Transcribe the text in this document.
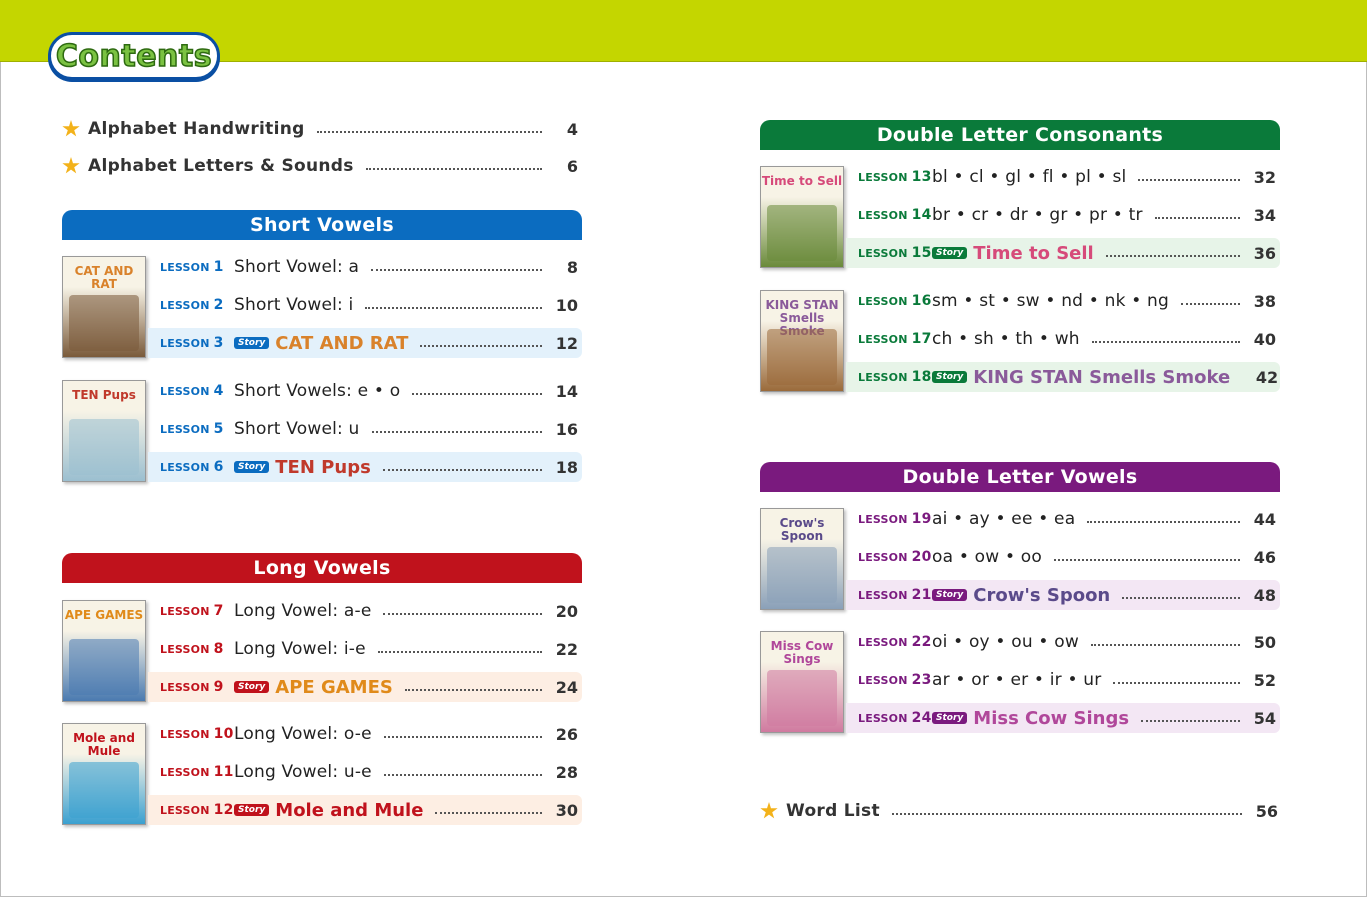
Contents
Alphabet Handwriting	4
Alphabet Letters & Sounds	6
Short Vowels
CAT AND RAT
LESSON 1 Short Vowel: a	8
LESSON 2 Short Vowel: i	10
LESSON 3	Story CAT AND RAT	12
TEN Pups	LESSON 4 Short Vowels: e • o	14
LESSON 5 Short Vowel: u	16
LESSON 6	Story TEN Pups	18
Long Vowels
APE GAMES LESSON 7 Long Vowel: a-e	20
LESSON 8 Long Vowel: i-e	22
LESSON 9	Story APE GAMES	24
Mole and Mule
LESSON 10 Long Vowel: o-e	26
LESSON 11 Long Vowel: u-e	28
LESSON 12 Story Mole and Mule	30
Double Letter Consonants
Time to Sell LESSON 13 bl • cl • gl • fl • pl • sl	32
LESSON 14 br • cr • dr • gr • pr • tr	34
LESSON 15 Story Time to Sell	36
KING STAN Smells
LESSON 16 sm • st • sw • nd • nk • ng	38
LESSON 17 ch • sh • th • wh	40
LESSON 18 Story KING STAN Smells Smoke 42
Double Letter Vowels
Crow's Spoon
LESSON 19 ai • ay • ee • ea	44
LESSON 20 oa • ow • oo	46
LESSON 21 Story Crow's Spoon	48
Miss Cow Sings
LESSON 22 oi • oy • ou • ow	50
LESSON 23 ar • or • er • ir • ur	52
LESSON 24 Story Miss Cow Sings	54
Word List	56
